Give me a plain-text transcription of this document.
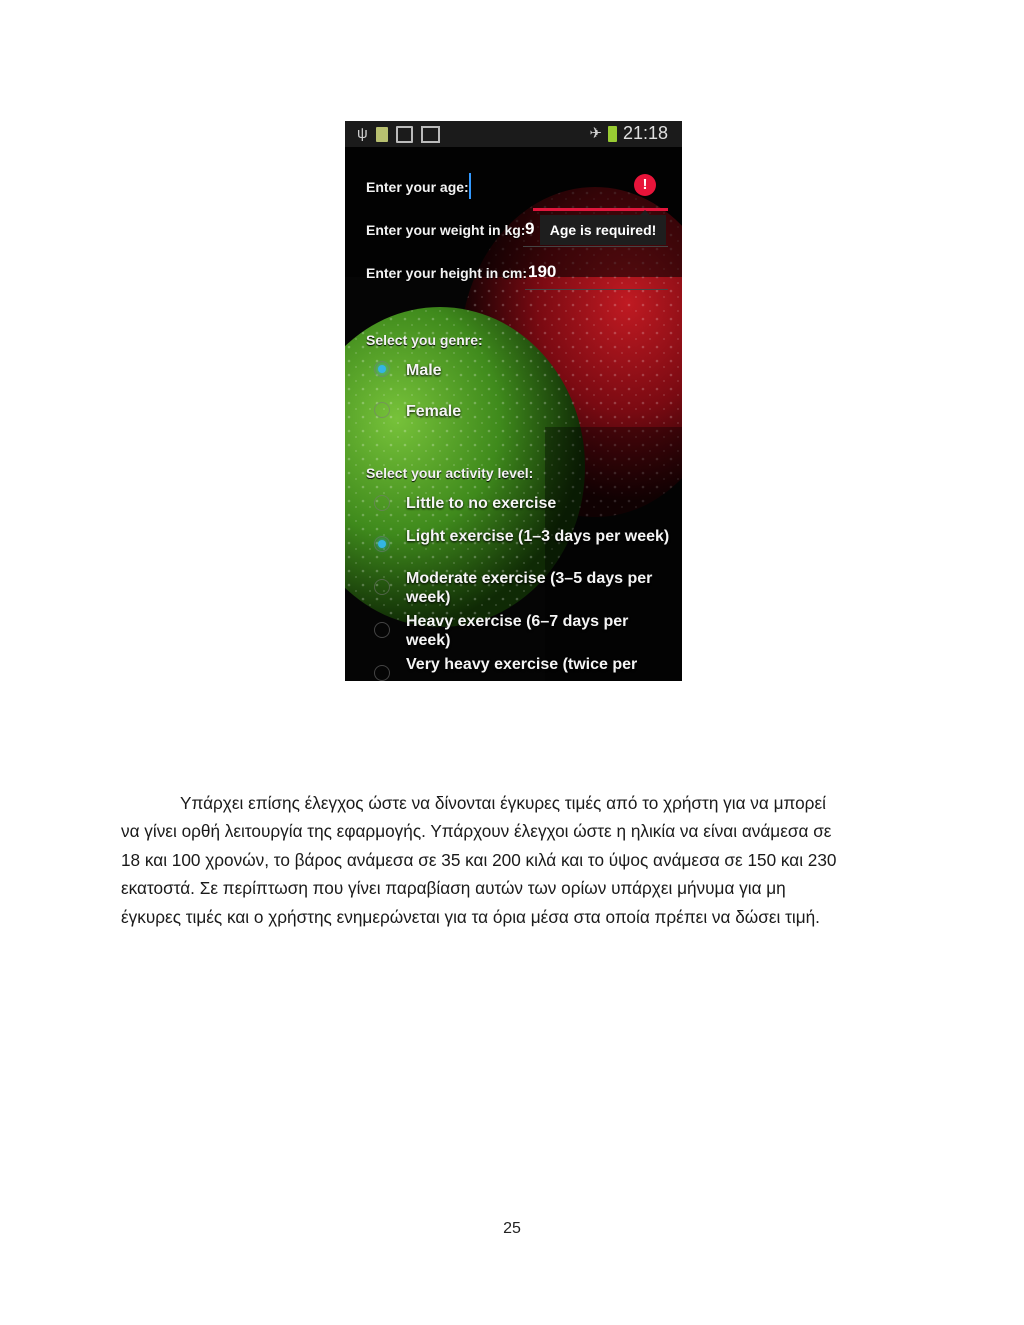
ψ	✈ 21:18
Enter your age:	!
Age is required!
Enter your weight in kg: 9
Enter your height in cm: 190
Select you genre:
Male
Female
Select your activity level:
Little to no exercise
Light exercise (1–3 days per week)
Moderate exercise (3–5 days per week)
Heavy exercise (6–7 days per week)
Very heavy exercise (twice per

Υπάρχει επίσης έλεγχος ώστε να δίνονται έγκυρες τιμές από το χρήστη για να μπορεί
να γίνει ορθή λειτουργία της εφαρμογής. Υπάρχουν έλεγχοι ώστε η ηλικία να είναι ανάμεσα σε
18 και 100 χρονών, το βάρος ανάμεσα σε 35 και 200 κιλά και το ύψος ανάμεσα σε 150 και 230
εκατοστά. Σε περίπτωση που γίνει παραβίαση αυτών των ορίων υπάρχει μήνυμα για μη
έγκυρες τιμές και ο χρήστης ενημερώνεται για τα όρια μέσα στα οποία πρέπει να δώσει τιμή.

25
